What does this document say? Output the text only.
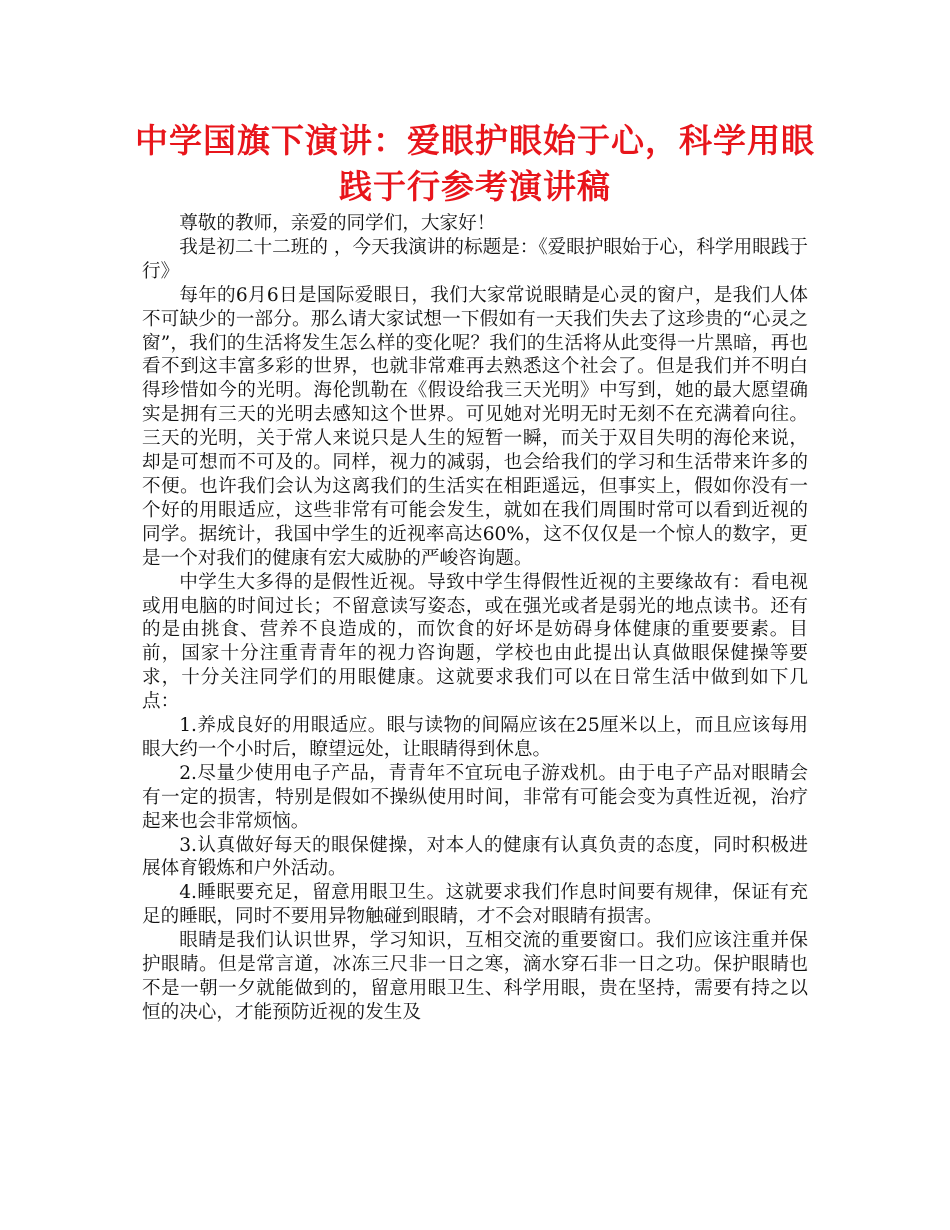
中学国旗下演讲：爱眼护眼始于心，科学用眼践于行参考演讲稿

尊敬的教师，亲爱的同学们，大家好！

我是初二十二班的 ，今天我演讲的标题是：《爱眼护眼始于心，科学用眼践于行》

每年的6月6日是国际爱眼日，我们大家常说眼睛是心灵的窗户，是我们人体不可缺少的一部分。那么请大家试想一下假如有一天我们失去了这珍贵的“心灵之窗”，我们的生活将发生怎么样的变化呢？我们的生活将从此变得一片黑暗，再也看不到这丰富多彩的世界，也就非常难再去熟悉这个社会了。但是我们并不明白得珍惜如今的光明。海伦凯勒在《假设给我三天光明》中写到，她的最大愿望确实是拥有三天的光明去感知这个世界。可见她对光明无时无刻不在充满着向往。三天的光明，关于常人来说只是人生的短暂一瞬，而关于双目失明的海伦来说，却是可想而不可及的。同样，视力的减弱，也会给我们的学习和生活带来许多的不便。也许我们会认为这离我们的生活实在相距遥远，但事实上，假如你没有一个好的用眼适应，这些非常有可能会发生，就如在我们周围时常可以看到近视的同学。据统计，我国中学生的近视率高达60%，这不仅仅是一个惊人的数字，更是一个对我们的健康有宏大威胁的严峻咨询题。

中学生大多得的是假性近视。导致中学生得假性近视的主要缘故有：看电视或用电脑的时间过长；不留意读写姿态，或在强光或者是弱光的地点读书。还有的是由挑食、营养不良造成的，而饮食的好坏是妨碍身体健康的重要要素。目前，国家十分注重青青年的视力咨询题，学校也由此提出认真做眼保健操等要求，十分关注同学们的用眼健康。这就要求我们可以在日常生活中做到如下几点：

1.养成良好的用眼适应。眼与读物的间隔应该在25厘米以上，而且应该每用眼大约一个小时后，瞭望远处，让眼睛得到休息。

2.尽量少使用电子产品，青青年不宜玩电子游戏机。由于电子产品对眼睛会有一定的损害，特别是假如不操纵使用时间，非常有可能会变为真性近视，治疗起来也会非常烦恼。

3.认真做好每天的眼保健操，对本人的健康有认真负责的态度，同时积极进展体育锻炼和户外活动。

4.睡眠要充足，留意用眼卫生。这就要求我们作息时间要有规律，保证有充足的睡眠，同时不要用异物触碰到眼睛，才不会对眼睛有损害。

眼睛是我们认识世界，学习知识，互相交流的重要窗口。我们应该注重并保护眼睛。但是常言道，冰冻三尺非一日之寒，滴水穿石非一日之功。保护眼睛也不是一朝一夕就能做到的，留意用眼卫生、科学用眼，贵在坚持，需要有持之以恒的决心，才能预防近视的发生及
